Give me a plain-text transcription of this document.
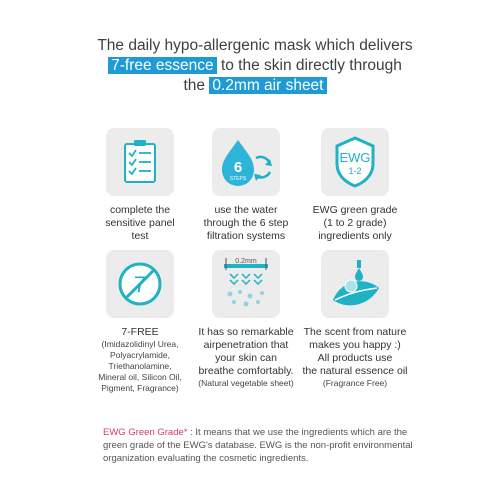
The daily hypo-allergenic mask which delivers
7-free essence to the skin directly through
the 0.2mm air sheet
complete the
sensitive panel
test
6
STEPS
use the water
through the 6 step
filtration systems
EWG
1-2
EWG green grade
(1 to 2 grade)
ingredients only
7
7-FREE
(Imidazolidinyl Urea,
Polyacrylamide,
Triethanolamine,
Mineral oil, Silicon Oil,
Pigment, Fragrance)
0.2mm
It has so remarkable
airpenetration that
your skin can
breathe comfortably.
(Natural vegetable sheet)
The scent from nature
makes you happy :)
All products use
the natural essence oil
(Fragrance Free)
EWG Green Grade* : It means that we use the ingredients which are the green grade of the EWG's database. EWG is the non-profit environmental organization evaluating the cosmetic ingredients.
